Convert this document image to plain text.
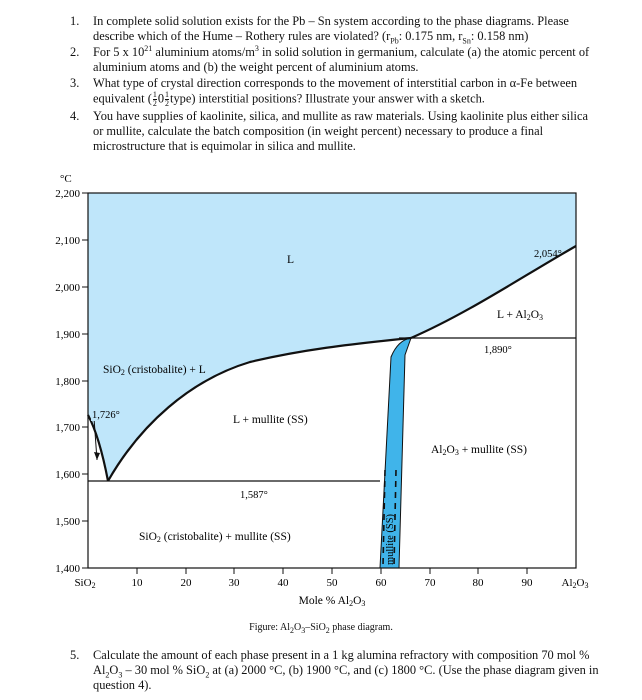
1. In complete solid solution exists for the Pb – Sn system according to the phase diagrams. Please describe which of the Hume – Rothery rules are violated? ($r_{Pb}$: 0.175 nm, $r_{Sn}$: 0.158 nm)
2. For 5 x $10^{21}$ aluminium atoms/$m^3$ in solid solution in germanium, calculate (a) the atomic percent of aluminium atoms and (b) the weight percent of aluminium atoms.
3. What type of crystal direction corresponds to the movement of interstitial carbon in α-Fe between equivalent ( $\frac{1}{2} 0 \frac{1}{2}$ type) interstitial positions? Illustrate your answer with a sketch.
4. You have supplies of kaolinite, silica, and mullite as raw materials. Using kaolinite plus either silica or mullite, calculate the batch composition (in weight percent) necessary to produce a final microstructure that is equimolar in silica and mullite.
2,200
2,100
2,000
1,900
1,800
1,700
1,600
1,500
1,400
°C
10	20	30	40	50	60	70	80	90
SiO2	Al2O3
Mole % Al2O3
L
SiO2 (cristobalite) + L
L + mullite (SS)
L + Al2O3
Al2O3 + mullite (SS)
SiO2 (cristobalite) + mullite (SS)	mullite (SS)
2,054°
1,890°
1,726°
1,587°
Figure: $Al_2O_3-SiO_2$ phase diagram.
5. Calculate the amount of each phase present in a 1 kg alumina refractory with composition 70 mol % $Al_2O_3 - 30$ mol % SiO$_2$ at (a) 2000 °C, (b) 1900 °C, and (c) 1800 °C. (Use the phase diagram given in question 4).
